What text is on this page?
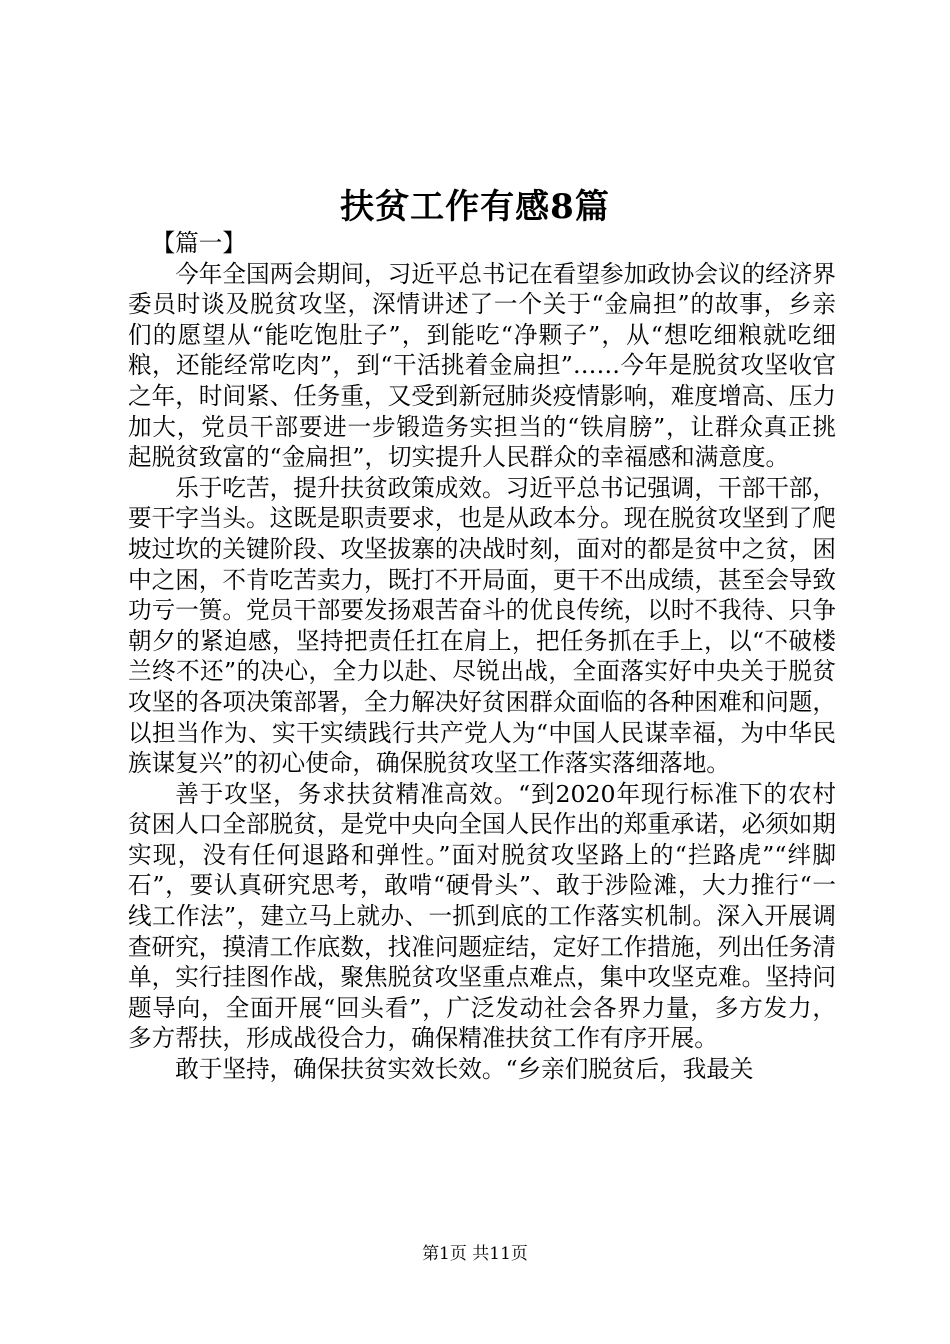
扶贫工作有感8篇

【篇一】

今年全国两会期间，习近平总书记在看望参加政协会议的经济界委员时谈及脱贫攻坚，深情讲述了一个关于“金扁担”的故事，乡亲们的愿望从“能吃饱肚子”，到能吃“净颗子”，从“想吃细粮就吃细粮，还能经常吃肉”，到“干活挑着金扁担”……今年是脱贫攻坚收官之年，时间紧、任务重，又受到新冠肺炎疫情影响，难度增高、压力加大，党员干部要进一步锻造务实担当的“铁肩膀”，让群众真正挑起脱贫致富的“金扁担”，切实提升人民群众的幸福感和满意度。

乐于吃苦，提升扶贫政策成效。习近平总书记强调，干部干部，要干字当头。这既是职责要求，也是从政本分。现在脱贫攻坚到了爬坡过坎的关键阶段、攻坚拔寨的决战时刻，面对的都是贫中之贫，困中之困，不肯吃苦卖力，既打不开局面，更干不出成绩，甚至会导致功亏一篑。党员干部要发扬艰苦奋斗的优良传统，以时不我待、只争朝夕的紧迫感，坚持把责任扛在肩上，把任务抓在手上，以“不破楼兰终不还”的决心，全力以赴、尽锐出战，全面落实好中央关于脱贫攻坚的各项决策部署，全力解决好贫困群众面临的各种困难和问题，以担当作为、实干实绩践行共产党人为“中国人民谋幸福，为中华民族谋复兴”的初心使命，确保脱贫攻坚工作落实落细落地。

善于攻坚，务求扶贫精准高效。“到2020年现行标准下的农村贫困人口全部脱贫，是党中央向全国人民作出的郑重承诺，必须如期实现，没有任何退路和弹性。”面对脱贫攻坚路上的“拦路虎”“绊脚石”，要认真研究思考，敢啃“硬骨头”、敢于涉险滩，大力推行“一线工作法”，建立马上就办、一抓到底的工作落实机制。深入开展调查研究，摸清工作底数，找准问题症结，定好工作措施，列出任务清单，实行挂图作战，聚焦脱贫攻坚重点难点，集中攻坚克难。坚持问题导向，全面开展“回头看”，广泛发动社会各界力量，多方发力，多方帮扶，形成战役合力，确保精准扶贫工作有序开展。

敢于坚持，确保扶贫实效长效。“乡亲们脱贫后，我最关

第1页 共11页
